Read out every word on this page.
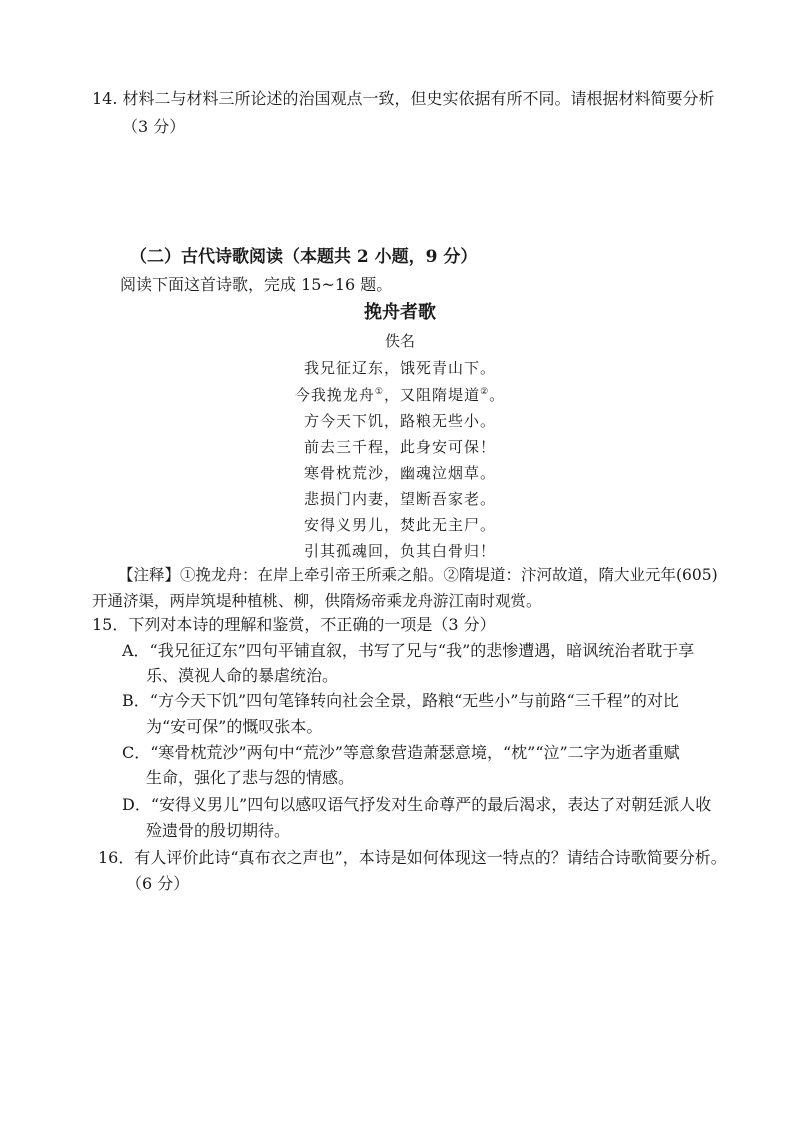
14. 材料二与材料三所论述的治国观点一致，但史实依据有所不同。请根据材料简要分析
（3 分）
（二）古代诗歌阅读（本题共 2 小题，9 分）
阅读下面这首诗歌，完成 15~16 题。
挽舟者歌
佚名
我兄征辽东，饿死青山下。
今我挽龙舟①，又阻隋堤道②。
方今天下饥，路粮无些小。
前去三千程，此身安可保！
寒骨枕荒沙，幽魂泣烟草。
悲损门内妻，望断吾家老。
安得义男儿，焚此无主尸。
引其孤魂回，负其白骨归！
【注释】①挽龙舟：在岸上牵引帝王所乘之船。②隋堤道：汴河故道，隋大业元年(605)
开通济渠，两岸筑堤种植桃、柳，供隋炀帝乘龙舟游江南时观赏。
15．下列对本诗的理解和鉴赏，不正确的一项是（3 分）
A．“我兄征辽东”四句平铺直叙，书写了兄与“我”的悲惨遭遇，暗讽统治者耽于享
乐、漠视人命的暴虐统治。
B．“方今天下饥”四句笔锋转向社会全景，路粮“无些小”与前路“三千程”的对比
为“安可保”的慨叹张本。
C．“寒骨枕荒沙”两句中“荒沙”等意象营造萧瑟意境，“枕”“泣”二字为逝者重赋
生命，强化了悲与怨的情感。
D．“安得义男儿”四句以感叹语气抒发对生命尊严的最后渴求，表达了对朝廷派人收
殓遗骨的殷切期待。
16．有人评价此诗“真布衣之声也”，本诗是如何体现这一特点的？请结合诗歌简要分析。
（6 分）
